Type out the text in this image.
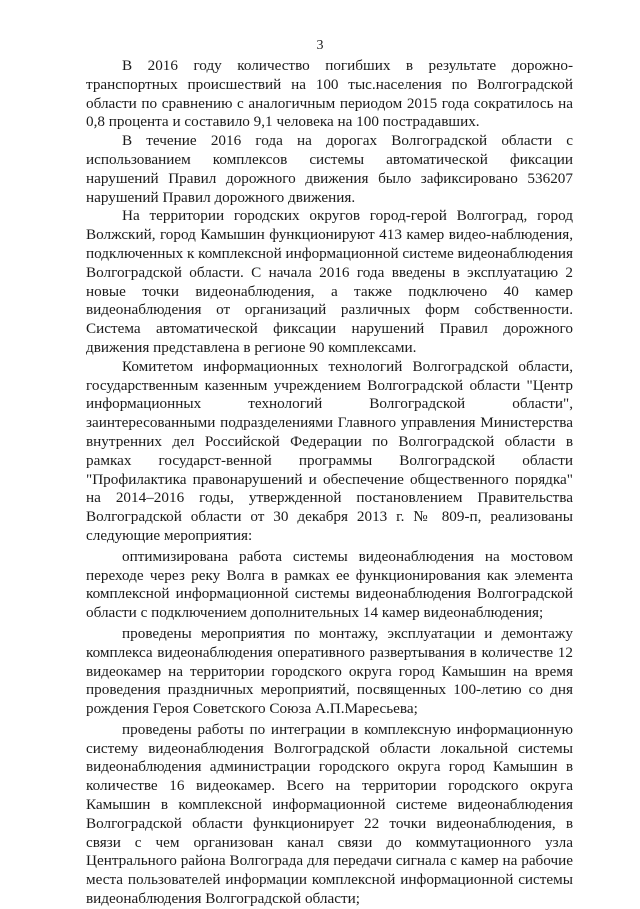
3

В 2016 году количество погибших в результате дорожно-транспортных происшествий на 100 тыс.населения по Волгоградской области по сравнению с аналогичным периодом 2015 года сократилось на 0,8 процента и составило 9,1 человека на 100 пострадавших.

В течение 2016 года на дорогах Волгоградской области с использованием комплексов системы автоматической фиксации нарушений Правил дорожного движения было зафиксировано 536207 нарушений Правил дорожного движения.

На территории городских округов город-герой Волгоград, город Волжский, город Камышин функционируют 413 камер видео-наблюдения, подключенных к комплексной информационной системе видеонаблюдения Волгоградской области. С начала 2016 года введены в эксплуатацию 2 новые точки видеонаблюдения, а также подключено 40 камер видеонаблюдения от организаций различных форм собственности. Система автоматической фиксации нарушений Правил дорожного движения представлена в регионе 90 комплексами.

Комитетом информационных технологий Волгоградской области, государственным казенным учреждением Волгоградской области "Центр информационных технологий Волгоградской области", заинтересованными подразделениями Главного управления Министерства внутренних дел Российской Федерации по Волгоградской области в рамках государст-венной программы Волгоградской области "Профилактика правонарушений и обеспечение общественного порядка" на 2014–2016 годы, утвержденной постановлением Правительства Волгоградской области от 30 декабря 2013 г. № 809-п, реализованы следующие мероприятия:

оптимизирована работа системы видеонаблюдения на мостовом переходе через реку Волга в рамках ее функционирования как элемента комплексной информационной системы видеонаблюдения Волгоградской области с подключением дополнительных 14 камер видеонаблюдения;

проведены мероприятия по монтажу, эксплуатации и демонтажу комплекса видеонаблюдения оперативного развертывания в количестве 12 видеокамер на территории городского округа город Камышин на время проведения праздничных мероприятий, посвященных 100-летию со дня рождения Героя Советского Союза А.П.Маресьева;

проведены работы по интеграции в комплексную информационную систему видеонаблюдения Волгоградской области локальной системы видеонаблюдения администрации городского округа город Камышин в количестве 16 видеокамер. Всего на территории городского округа Камышин в комплексной информационной системе видеонаблюдения Волгоградской области функционирует 22 точки видеонаблюдения, в связи с чем организован канал связи до коммутационного узла Центрального района Волгограда для передачи сигнала с камер на рабочие места пользователей информации комплексной информационной системы видеонаблюдения Волгоградской области;
